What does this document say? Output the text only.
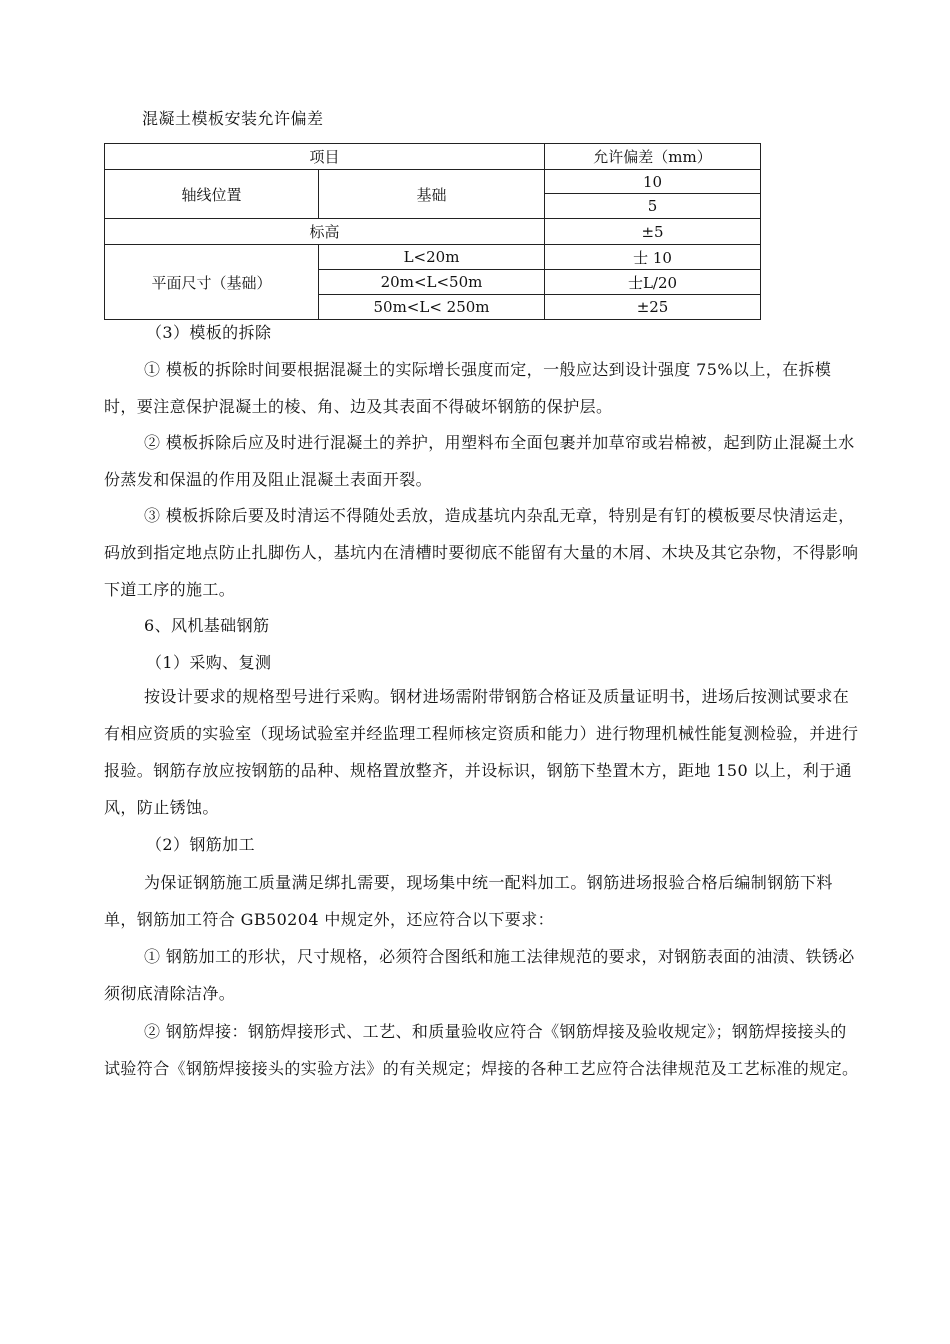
混凝土模板安装允许偏差
项目		允许偏差（mm）
轴线位置	基础	10
		5
标高		±5
平面尺寸（基础）	L<20m	士 10
	20m<L<50m	士L/20
	50m<L< 250m	±25
（3）模板的拆除

① 模板的拆除时间要根据混凝土的实际增长强度而定，一般应达到设计强度 75%以上，在拆模时，要注意保护混凝土的棱、角、边及其表面不得破坏钢筋的保护层。

② 模板拆除后应及时进行混凝土的养护，用塑料布全面包裹并加草帘或岩棉被，起到防止混凝土水份蒸发和保温的作用及阻止混凝土表面开裂。

③ 模板拆除后要及时清运不得随处丢放，造成基坑内杂乱无章，特别是有钉的模板要尽快清运走，码放到指定地点防止扎脚伤人，基坑内在清槽时要彻底不能留有大量的木屑、木块及其它杂物，不得影响下道工序的施工。

6、风机基础钢筋
（1）采购、复测

按设计要求的规格型号进行采购。钢材进场需附带钢筋合格证及质量证明书，进场后按测试要求在有相应资质的实验室（现场试验室并经监理工程师核定资质和能力）进行物理机械性能复测检验，并进行报验。钢筋存放应按钢筋的品种、规格置放整齐，并设标识，钢筋下垫置木方，距地 150 以上，利于通风，防止锈蚀。

（2）钢筋加工

为保证钢筋施工质量满足绑扎需要，现场集中统一配料加工。钢筋进场报验合格后编制钢筋下料单，钢筋加工符合 GB50204 中规定外，还应符合以下要求：

① 钢筋加工的形状，尺寸规格，必须符合图纸和施工法律规范的要求，对钢筋表面的油渍、铁锈必须彻底清除洁净。

② 钢筋焊接：钢筋焊接形式、工艺、和质量验收应符合《钢筋焊接及验收规定》；钢筋焊接接头的试验符合《钢筋焊接接头的实验方法》的有关规定；焊接的各种工艺应符合法律规范及工艺标准的规定。
